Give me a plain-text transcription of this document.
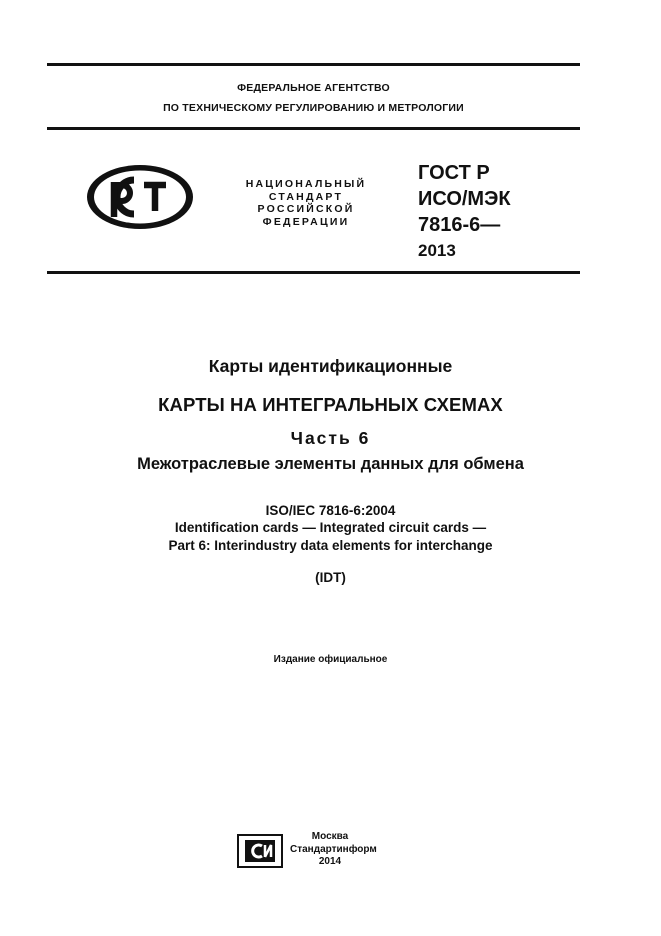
ФЕДЕРАЛЬНОЕ АГЕНТСТВО
ПО ТЕХНИЧЕСКОМУ РЕГУЛИРОВАНИЮ И МЕТРОЛОГИИ
НАЦИОНАЛЬНЫЙ
СТАНДАРТ
РОССИЙСКОЙ
ФЕДЕРАЦИИ
ГОСТ Р
ИСО/МЭК
7816-6—
2013
Карты идентификационные
КАРТЫ НА ИНТЕГРАЛЬНЫХ СХЕМАХ
Часть 6
Межотраслевые элементы данных для обмена
ISO/IEC 7816-6:2004
Identification cards — Integrated circuit cards —
Part 6: Interindustry data elements for interchange
(IDT)
Издание официальное
Москва
Стандартинформ
2014
